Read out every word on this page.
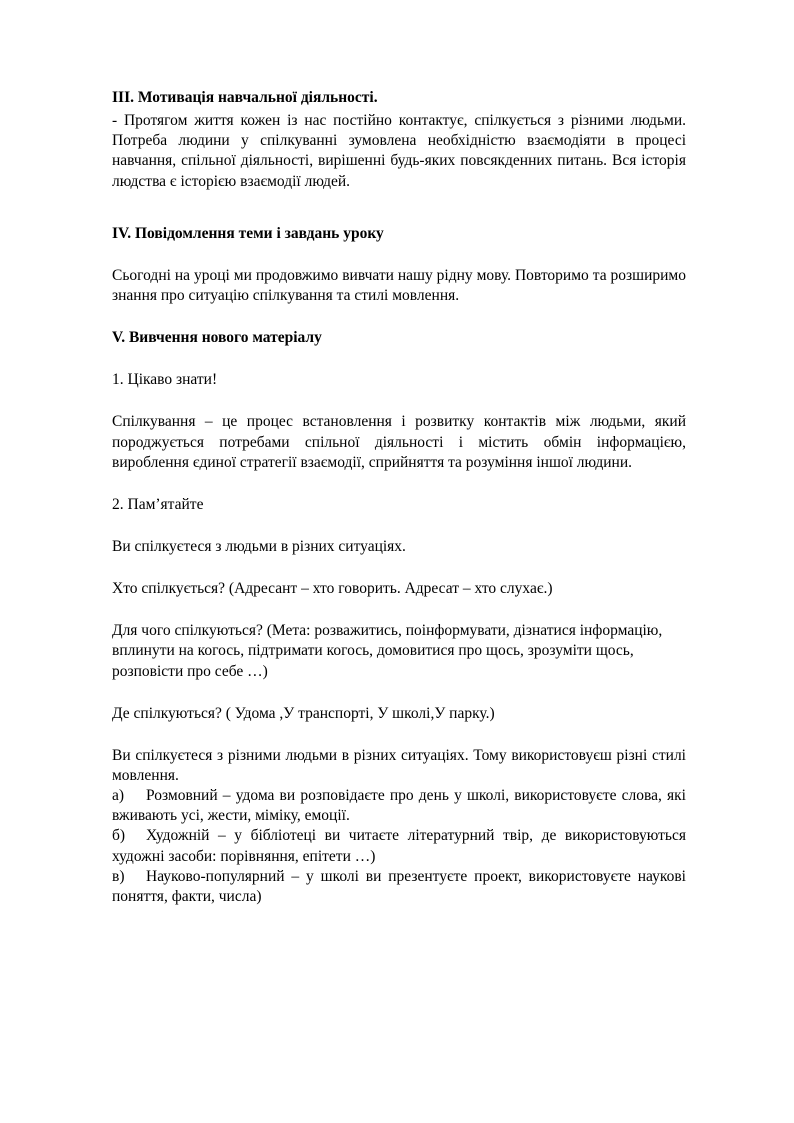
III. Мотивація навчальної діяльності.

- Протягом життя кожен із нас постійно контактує, спілкується з різними людьми. Потреба людини у спілкуванні зумовлена необхідністю взаємодіяти в процесі навчання, спільної діяльності, вирішенні будь-яких повсякденних питань. Вся історія людства є історією взаємодії людей.

IV. Повідомлення теми і завдань уроку

Сьогодні на уроці ми продовжимо вивчати нашу рідну мову. Повторимо та розширимо знання про ситуацію спілкування та стилі мовлення.

V. Вивчення нового матеріалу

1. Цікаво знати!

Спілкування – це процес встановлення і розвитку контактів між людьми, який породжується потребами спільної діяльності і містить обмін інформацією, вироблення єдиної стратегії взаємодії, сприйняття та розуміння іншої людини.

2. Пам’ятайте

Ви спілкуєтеся з людьми в різних ситуаціях.

Хто спілкується? (Адресант – хто говорить. Адресат – хто слухає.)

Для чого спілкуються? (Мета: розважитись, поінформувати, дізнатися інформацію, вплинути на когось, підтримати когось, домовитися про щось, зрозуміти щось, розповісти про себе …)

Де спілкуються? ( Удома ,У транспорті, У школі,У парку.)

Ви спілкуєтеся з різними людьми в різних ситуаціях. Тому використовуєш різні стилі мовлення.

а) Розмовний – удома ви розповідаєте про день у школі, використовуєте слова, які вживають усі, жести, міміку, емоції.

б) Художній – у бібліотеці ви читаєте літературний твір, де використовуються художні засоби: порівняння, епітети …)

в) Науково-популярний – у школі ви презентуєте проект, використовуєте наукові поняття, факти, числа)
